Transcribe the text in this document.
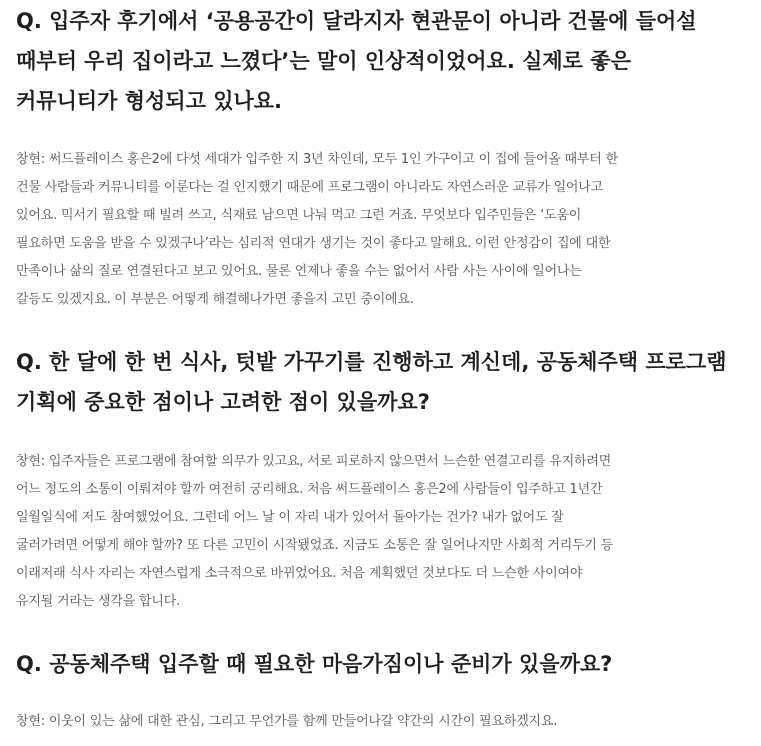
Q. 입주자 후기에서 ‘공용공간이 달라지자 현관문이 아니라 건물에 들어설
때부터 우리 집이라고 느꼈다’는 말이 인상적이었어요. 실제로 좋은
커뮤니티가 형성되고 있나요.

창현: 써드플레이스 홍은2에 다섯 세대가 입주한 지 3년 차인데, 모두 1인 가구이고 이 집에 들어올 때부터 한
건물 사람들과 커뮤니티를 이룬다는 걸 인지했기 때문에 프로그램이 아니라도 자연스러운 교류가 일어나고
있어요. 믹서기 필요할 때 빌려 쓰고, 식재료 남으면 나눠 먹고 그런 거죠. 무엇보다 입주민들은 ‘도움이
필요하면 도움을 받을 수 있겠구나’라는 심리적 연대가 생기는 것이 좋다고 말해요. 이런 안정감이 집에 대한
만족이나 삶의 질로 연결된다고 보고 있어요. 물론 언제나 좋을 수는 없어서 사람 사는 사이에 일어나는
갈등도 있겠지요. 이 부분은 어떻게 해결해나가면 좋을지 고민 중이에요.

Q. 한 달에 한 번 식사, 텃밭 가꾸기를 진행하고 계신데, 공동체주택 프로그램
기획에 중요한 점이나 고려한 점이 있을까요?

창현: 입주자들은 프로그램에 참여할 의무가 있고요, 서로 피로하지 않으면서 느슨한 연결고리를 유지하려면
어느 정도의 소통이 이뤄져야 할까 여전히 궁리해요. 처음 써드플레이스 홍은2에 사람들이 입주하고 1년간
일월일식에 저도 참여했었어요. 그런데 어느 날 이 자리 내가 있어서 돌아가는 건가? 내가 없어도 잘
굴러가려면 어떻게 해야 할까? 또 다른 고민이 시작됐었죠. 지금도 소통은 잘 일어나지만 사회적 거리두기 등
이래저래 식사 자리는 자연스럽게 소극적으로 바뀌었어요. 처음 계획했던 것보다도 더 느슨한 사이여야
유지될 거라는 생각을 합니다.

Q. 공동체주택 입주할 때 필요한 마음가짐이나 준비가 있을까요?

창현: 이웃이 있는 삶에 대한 관심, 그리고 무언가를 함께 만들어나갈 약간의 시간이 필요하겠지요.
